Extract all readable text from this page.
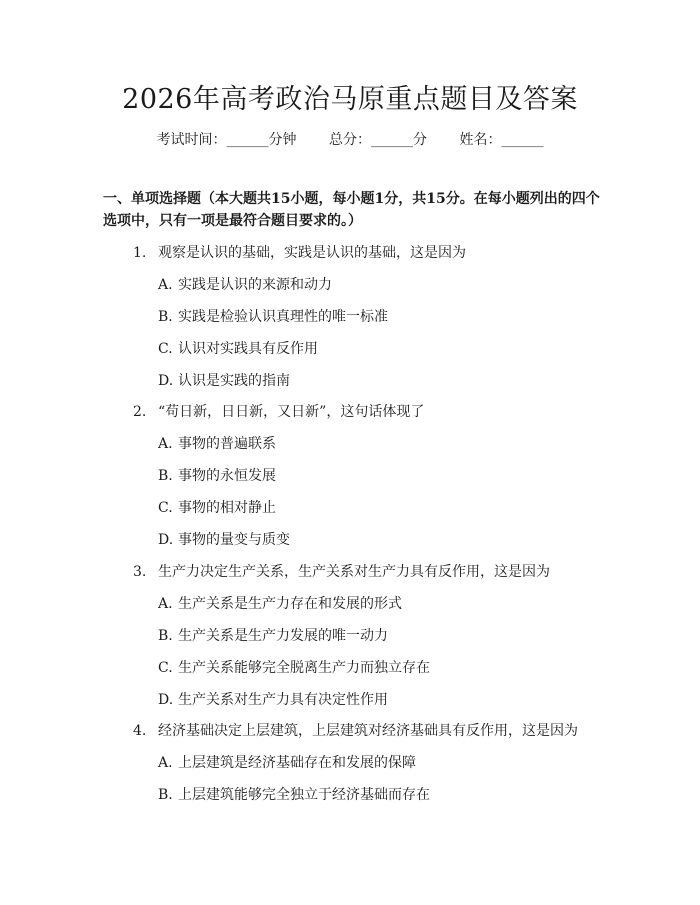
2026年高考政治马原重点题目及答案
考试时间：______分钟 总分：______分 姓名：______
一、单项选择题（本大题共15小题，每小题1分，共15分。在每小题列出的四个选项中，只有一项是最符合题目要求的。）
1. 观察是认识的基础，实践是认识的基础，这是因为
A. 实践是认识的来源和动力
B. 实践是检验认识真理性的唯一标准
C. 认识对实践具有反作用
D. 认识是实践的指南
2. “苟日新，日日新，又日新”，这句话体现了
A. 事物的普遍联系
B. 事物的永恒发展
C. 事物的相对静止
D. 事物的量变与质变
3. 生产力决定生产关系，生产关系对生产力具有反作用，这是因为
A. 生产关系是生产力存在和发展的形式
B. 生产关系是生产力发展的唯一动力
C. 生产关系能够完全脱离生产力而独立存在
D. 生产关系对生产力具有决定性作用
4. 经济基础决定上层建筑，上层建筑对经济基础具有反作用，这是因为
A. 上层建筑是经济基础存在和发展的保障
B. 上层建筑能够完全独立于经济基础而存在
